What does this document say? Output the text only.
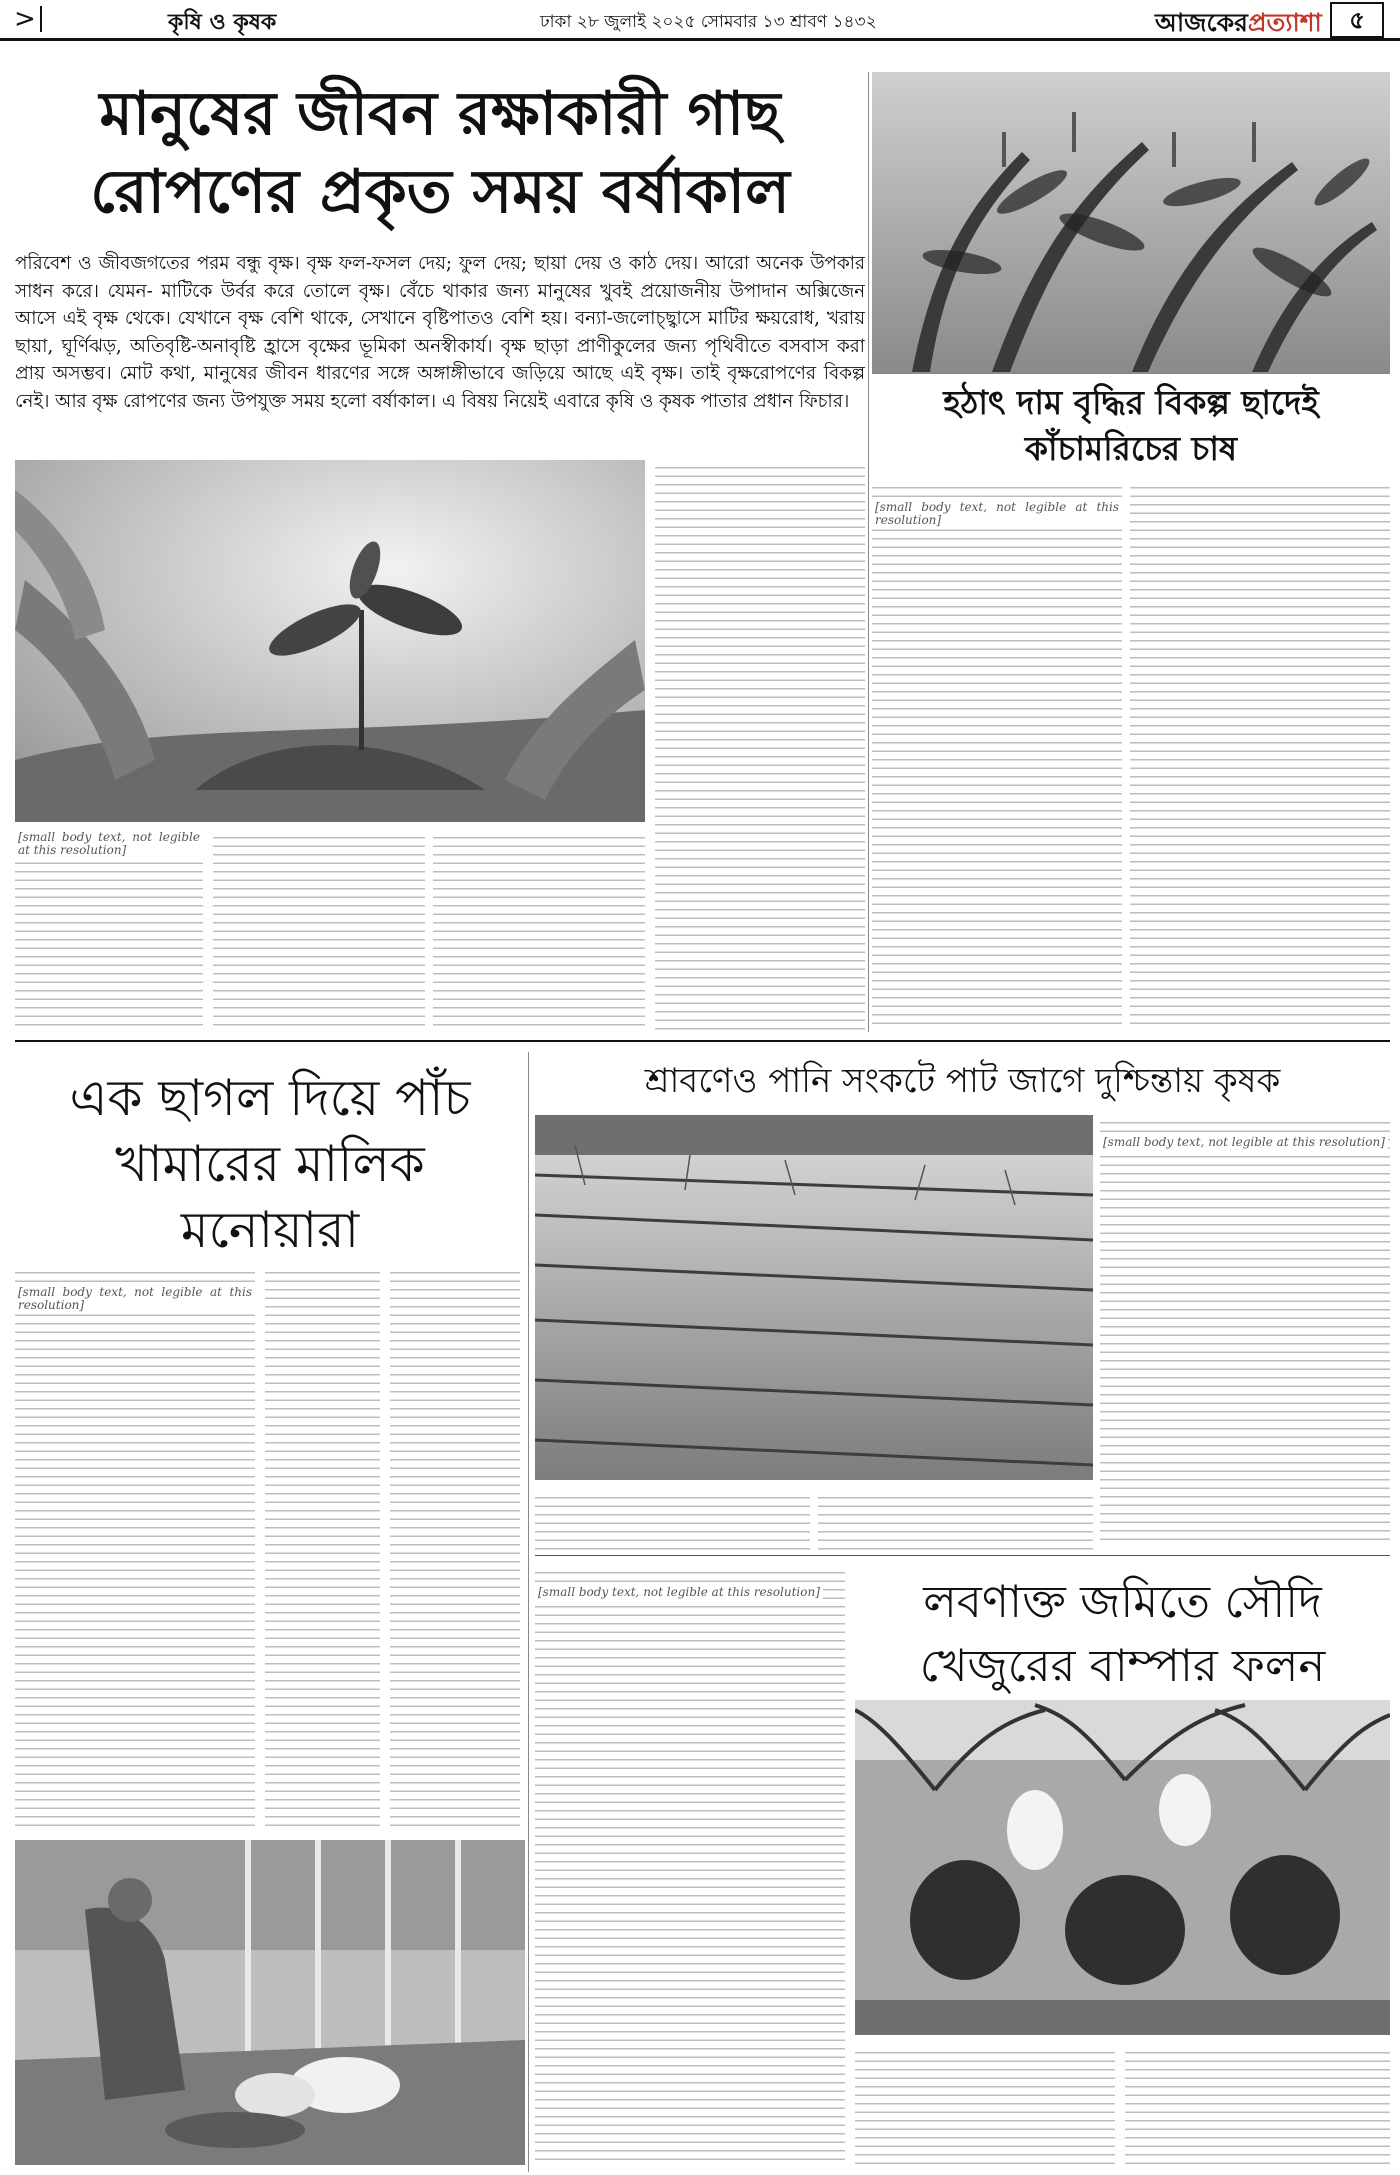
>	কৃষি ও কৃষক	ঢাকা ২৮ জুলাই ২০২৫ সোমবার ১৩ শ্রাবণ ১৪৩২	আজকেরপ্রত্যাশা	৫
মানুষের জীবন রক্ষাকারী গাছ
রোপণের প্রকৃত সময় বর্ষাকাল
পরিবেশ ও জীবজগতের পরম বন্ধু বৃক্ষ। বৃক্ষ ফল-ফসল দেয়; ফুল দেয়; ছায়া দেয় ও কাঠ দেয়। আরো অনেক উপকার সাধন করে। যেমন- মাটিকে উর্বর করে তোলে বৃক্ষ। বেঁচে থাকার জন্য মানুষের খুবই প্রয়োজনীয় উপাদান অক্সিজেন আসে এই বৃক্ষ থেকে। যেখানে বৃক্ষ বেশি থাকে, সেখানে বৃষ্টিপাতও বেশি হয়। বন্যা-জলোচ্ছ্বাসে মাটির ক্ষয়রোধ, খরায় ছায়া, ঘূর্ণিঝড়, অতিবৃষ্টি-অনাবৃষ্টি হ্রাসে বৃক্ষের ভূমিকা অনস্বীকার্য। বৃক্ষ ছাড়া প্রাণীকুলের জন্য পৃথিবীতে বসবাস করা প্রায় অসম্ভব। মোট কথা, মানুষের জীবন ধারণের সঙ্গে অঙ্গাঙ্গীভাবে জড়িয়ে আছে এই বৃক্ষ। তাই বৃক্ষরোপণের বিকল্প নেই। আর বৃক্ষ রোপণের জন্য উপযুক্ত সময় হলো বর্ষাকাল। এ বিষয় নিয়েই এবারে কৃষি ও কৃষক পাতার প্রধান ফিচার।	হঠাৎ দাম বৃদ্ধির বিকল্প ছাদেই
কাঁচামরিচের চাষ
[small body text, not legible at this resolution]
[small body text, not legible at this resolution]
এক ছাগল দিয়ে পাঁচ
খামারের মালিক
মনোয়ারা
[small body text, not legible at this resolution]
শ্রাবণেও পানি সংকটে পাট জাগে দুশ্চিন্তায় কৃষক
[small body text, not legible at this resolution]
[small body text, not legible at this resolution]	লবণাক্ত জমিতে সৌদি
খেজুরের বাম্পার ফলন
